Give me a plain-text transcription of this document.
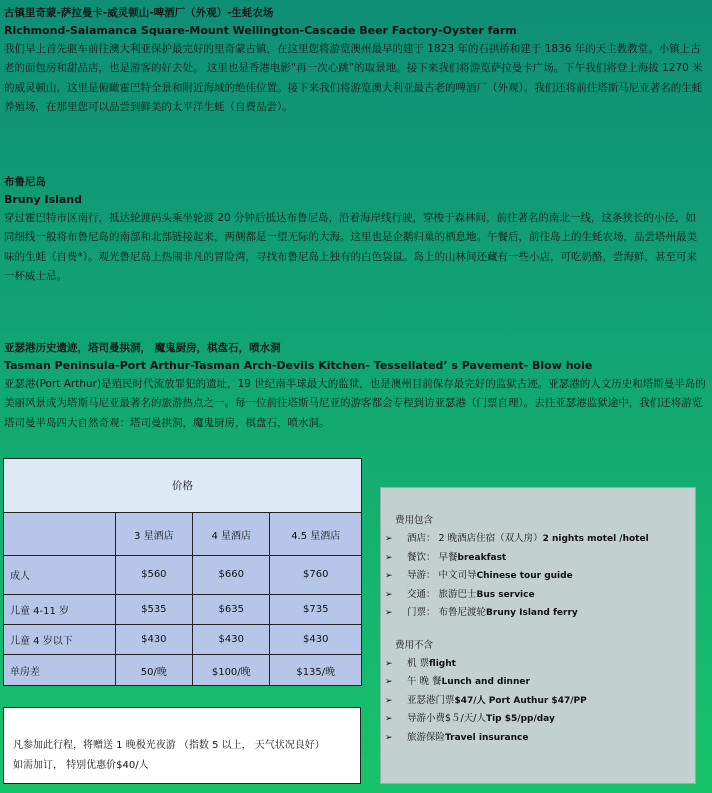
古镇里奇蒙-萨拉曼卡-威灵顿山-啤酒厂（外观）-生蚝农场
Richmond-Salamanca Square-Mount Wellington-Cascade Beer Factory-Oyster farm
我们早上首先驱车前往澳大利亚保护最完好的里奇蒙古镇，在这里您将游览澳州最早的建于 1823 年的石拱桥和建于 1836 年的天主教教堂。小镇上古老的面包房和甜品店，也是游客的好去处。 这里也是香港电影“再一次心跳”的取景地。接下来我们将游览萨拉曼卡广场。下午我们将登上海拔 1270 米的威灵顿山，这里是俯瞰霍巴特全景和附近海域的绝佳位置。接下来我们将游览澳大利亚最古老的啤酒厂（外观）。我们还将前往塔斯马尼亚著名的生蚝养殖场，在那里您可以品尝到鲜美的太平洋生蚝（自费品尝）。
布鲁尼岛
Bruny Island
穿过霍巴特市区南行，抵达轮渡码头乘坐轮渡 20 分钟后抵达布鲁尼岛，沿着海岸线行驶，穿梭于森林间，前往著名的南北一线，这条狭长的小径，如同细线一般将布鲁尼岛的南部和北部链接起来，两侧都是一望无际的大海。这里也是企鹅归巢的栖息地。午餐后，前往岛上的生蚝农场，品尝塔州最美味的生蚝（自费*）。观光鲁尼岛上热闹非凡的冒险湾，寻找布鲁尼岛上独有的白色袋鼠。岛上的山林间还藏有一些小店，可吃奶酪，尝海鲜，甚至可来一杯威士忌。
亚瑟港历史遗迹，塔司曼拱洞， 魔鬼厨房，棋盘石，喷水洞
Tasman Peninsula-Port Arthur-Tasman Arch-Devils Kitchen- Tessellated’ s Pavement- Blow hole
亚瑟港(Port Arthur)是殖民时代流放罪犯的遗址，19 世纪南半球最大的监狱，也是澳州目前保存最完好的监狱古迹。亚瑟港的人文历史和塔斯曼半岛的美丽风景成为塔斯马尼亚最著名的旅游热点之一。每一位前往塔斯马尼亚的游客都会专程到访亚瑟港（门票自理）。去往亚瑟港监狱途中，我们还将游览塔司曼半岛四大自然奇观：塔司曼拱洞，魔鬼厨房，棋盘石，喷水洞。
价格			
	3 星酒店	4 星酒店	4.5 星酒店
成人	$560	$660	$760
儿童 4-11 岁	$535	$635	$735
儿童 4 岁以下	$430	$430	$430
单房差	50/晚	$100/晚	$135/晚
凡参加此行程，将赠送 1 晚极光夜游 （指数 5 以上， 天气状况良好）
如需加订， 特别优惠价$40/人
费用包含
➢	酒店： 2 晚酒店住宿（双人房） 2 nights motel /hotel
➢	餐饮： 早餐 breakfast
➢	导游： 中文司导 Chinese tour guide
➢	交通： 旅游巴士 Bus service
➢	门票： 布鲁尼渡轮 Bruny Island ferry
费用不含
➢	机 票 flight
➢	午 晚 餐 Lunch and dinner
➢	亚瑟港门票 $47/人 Port Authur $47/PP
➢	导游小费$５/天/人 Tip $5/pp/day
➢	旅游保险 Travel insurance
